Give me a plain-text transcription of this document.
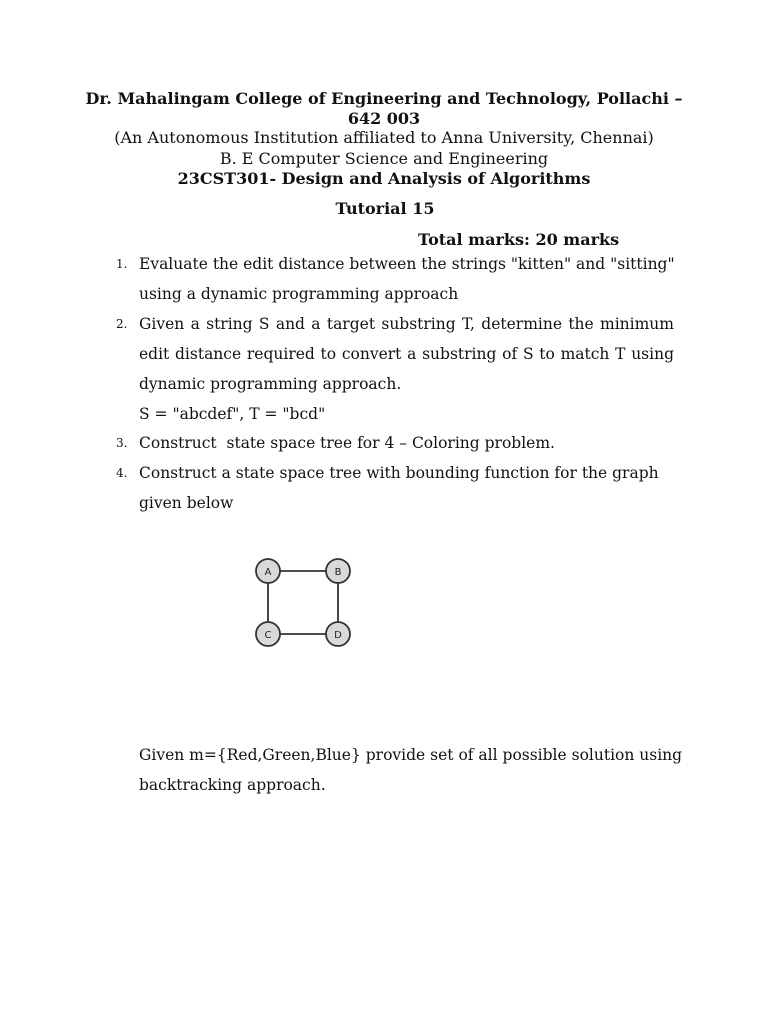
Dr. Mahalingam College of Engineering and Technology, Pollachi – 642 003
(An Autonomous Institution affiliated to Anna University, Chennai)
B. E Computer Science and Engineering
23CST301- Design and Analysis of Algorithms
Tutorial 15
Total marks: 20 marks
1. Evaluate the edit distance between the strings "kitten" and "sitting"
using a dynamic programming approach
2. Given a string S and a target substring T, determine the minimum edit distance required to convert a substring of S to match T using dynamic programming approach.
S = "abcdef", T = "bcd"
3. Construct  state space tree for 4 – Coloring problem.
4. Construct a state space tree with bounding function for the graph
given below
Given m={Red,Green,Blue} provide set of all possible solution using
backtracking approach.
A	B
C	D
